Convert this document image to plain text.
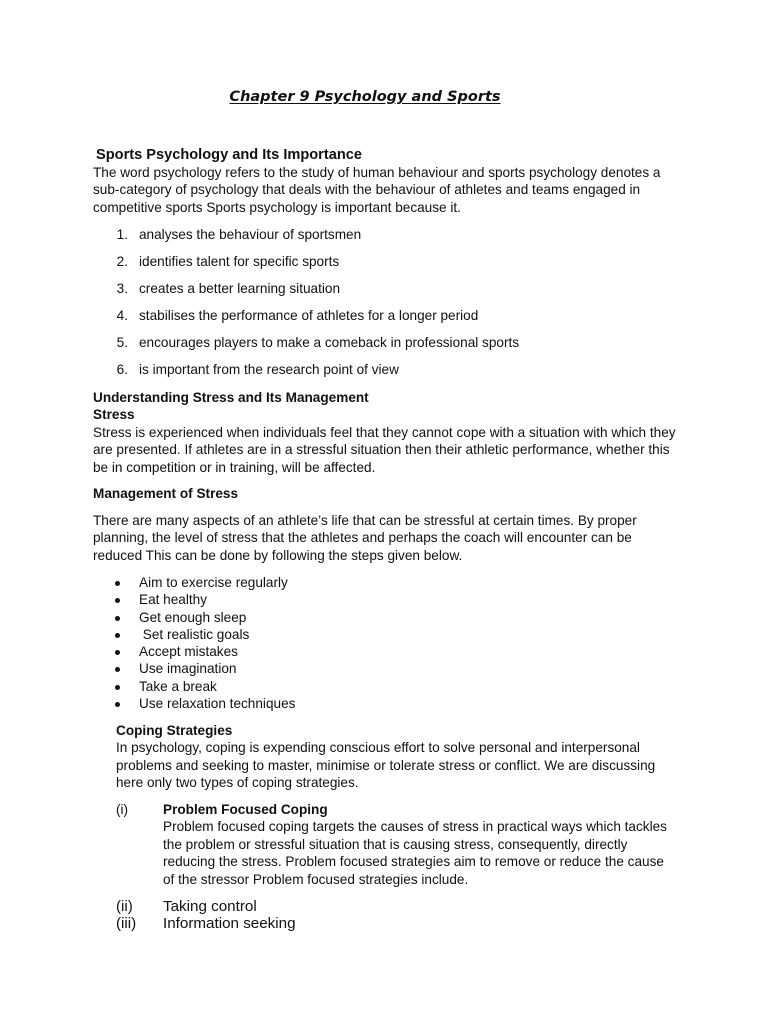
Chapter 9 Psychology and Sports
Sports Psychology and Its Importance

The word psychology refers to the study of human behaviour and sports psychology denotes a sub-category of psychology that deals with the behaviour of athletes and teams engaged in competitive sports Sports psychology is important because it.

1. analyses the behaviour of sportsmen
2. identifies talent for specific sports
3. creates a better learning situation
4. stabilises the performance of athletes for a longer period
5. encourages players to make a comeback in professional sports
6. is important from the research point of view

Understanding Stress and Its Management

Stress

Stress is experienced when individuals feel that they cannot cope with a situation with which they are presented. If athletes are in a stressful situation then their athletic performance, whether this be in competition or in training, will be affected.

Management of Stress
There are many aspects of an athlete’s life that can be stressful at certain times. By proper planning, the level of stress that the athletes and perhaps the coach will encounter can be reduced This can be done by following the steps given below.
Aim to exercise regularly
Eat healthy
Get enough sleep
Set realistic goals
Accept mistakes
Use imagination
Take a break
Use relaxation techniques

Coping Strategies

In psychology, coping is expending conscious effort to solve personal and interpersonal problems and seeking to master, minimise or tolerate stress or conflict. We are discussing here only two types of coping strategies.

(i)	Problem Focused Coping
Problem focused coping targets the causes of stress in practical ways which tackles the problem or stressful situation that is causing stress, consequently, directly reducing the stress. Problem focused strategies aim to remove or reduce the cause of the stressor Problem focused strategies include.
(ii) Taking control
(iii) Information seeking
